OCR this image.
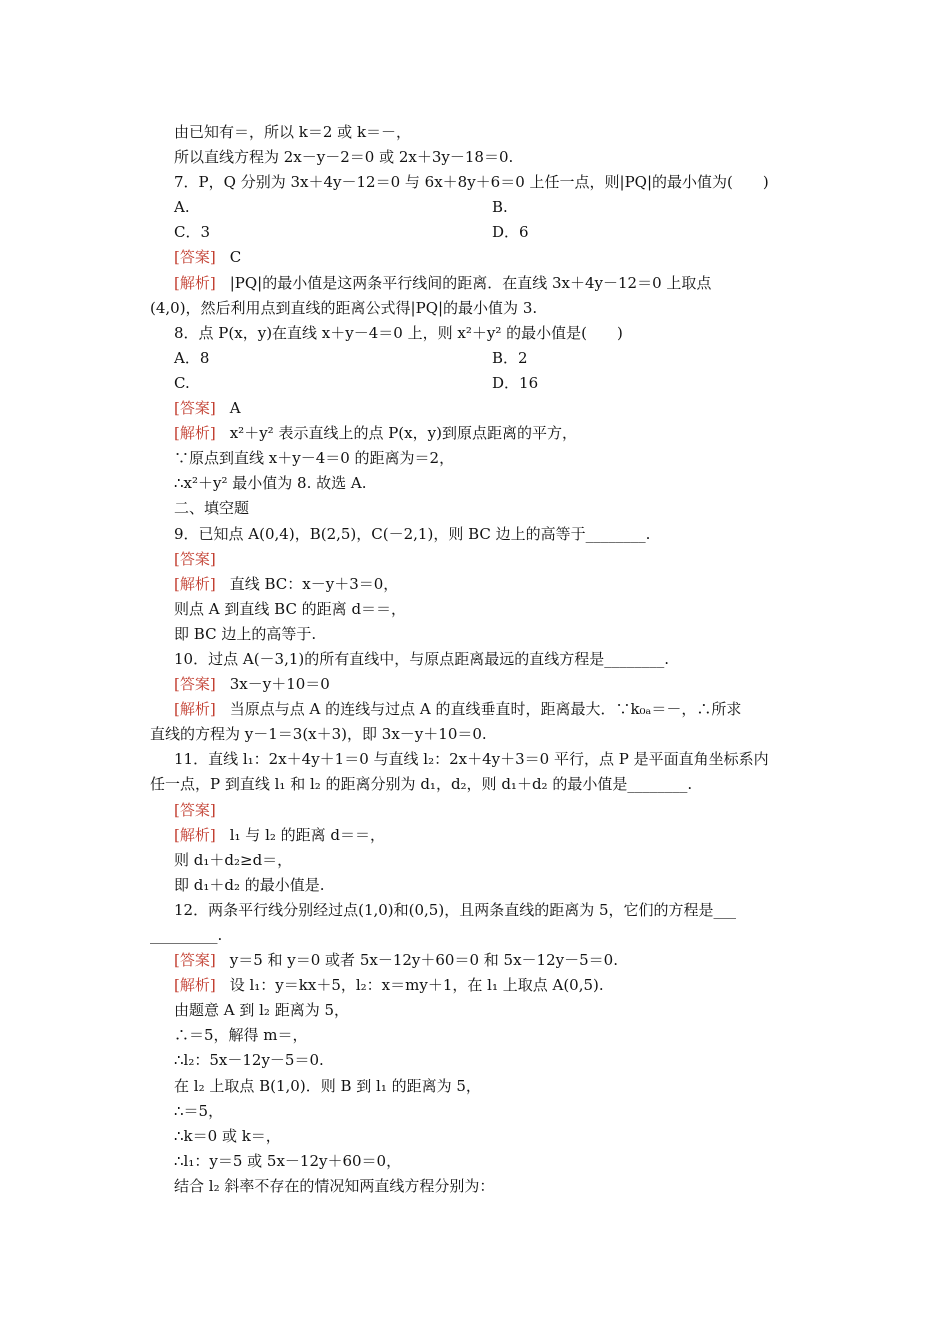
由已知有＝，所以 k＝2 或 k＝－，
所以直线方程为 2x－y－2＝0 或 2x＋3y－18＝0.
7．P，Q 分别为 3x＋4y－12＝0 与 6x＋8y＋6＝0 上任一点，则|PQ|的最小值为(　　)
A.	B.
C．3	D．6
[答案] C
[解析] |PQ|的最小值是这两条平行线间的距离．在直线 3x＋4y－12＝0 上取点
(4,0)，然后利用点到直线的距离公式得|PQ|的最小值为 3.
8．点 P(x，y)在直线 x＋y－4＝0 上，则 x²＋y² 的最小值是(　　)
A．8	B．2
C.	D．16
[答案] A
[解析] x²＋y² 表示直线上的点 P(x，y)到原点距离的平方，
∵原点到直线 x＋y－4＝0 的距离为＝2，
∴x²＋y² 最小值为 8. 故选 A.
二、填空题
9．已知点 A(0,4)，B(2,5)，C(－2,1)，则 BC 边上的高等于________.
[答案]
[解析] 直线 BC：x－y＋3＝0，
则点 A 到直线 BC 的距离 d＝＝，
即 BC 边上的高等于.
10．过点 A(－3,1)的所有直线中，与原点距离最远的直线方程是________.
[答案] 3x－y＋10＝0
[解析] 当原点与点 A 的连线与过点 A 的直线垂直时，距离最大．∵k₀ₐ＝－，∴所求
直线的方程为 y－1＝3(x＋3)，即 3x－y＋10＝0.
11．直线 l₁：2x＋4y＋1＝0 与直线 l₂：2x＋4y＋3＝0 平行，点 P 是平面直角坐标系内
任一点，P 到直线 l₁ 和 l₂ 的距离分别为 d₁，d₂，则 d₁＋d₂ 的最小值是________.
[答案]
[解析] l₁ 与 l₂ 的距离 d＝＝，
则 d₁＋d₂≥d＝，
即 d₁＋d₂ 的最小值是.
12．两条平行线分别经过点(1,0)和(0,5)，且两条直线的距离为 5，它们的方程是___
_________.
[答案] y＝5 和 y＝0 或者 5x－12y＋60＝0 和 5x－12y－5＝0.
[解析] 设 l₁：y＝kx＋5，l₂：x＝my＋1，在 l₁ 上取点 A(0,5).
由题意 A 到 l₂ 距离为 5，
∴＝5，解得 m＝，
∴l₂：5x－12y－5＝0.
在 l₂ 上取点 B(1,0)．则 B 到 l₁ 的距离为 5，
∴＝5，
∴k＝0 或 k＝，
∴l₁：y＝5 或 5x－12y＋60＝0，
结合 l₂ 斜率不存在的情况知两直线方程分别为：
